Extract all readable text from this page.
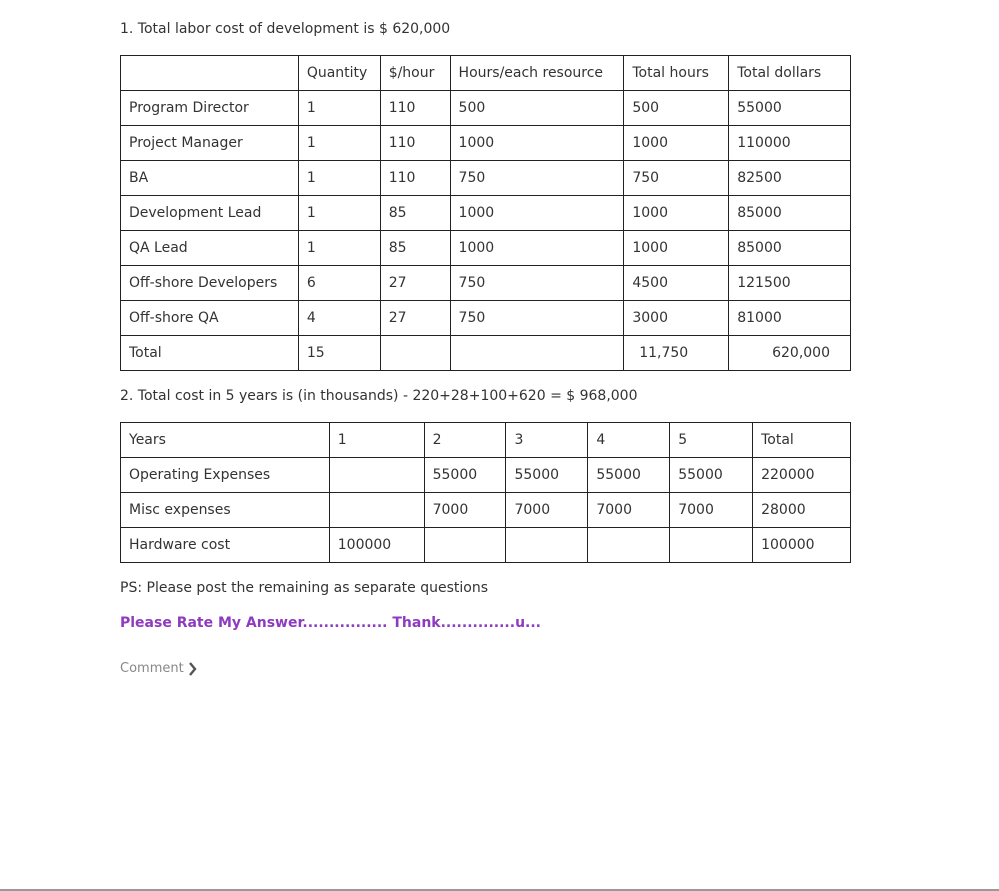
1. Total labor cost of development is $ 620,000

	Quantity	$/hour	Hours/each resource	Total hours	Total dollars
Program Director	1	110	500	500	55000
Project Manager	1	110	1000	1000	110000
BA	1	110	750	750	82500
Development Lead	1	85	1000	1000	85000
QA Lead	1	85	1000	1000	85000
Off-shore Developers	6	27	750	4500	121500
Off-shore QA	4	27	750	3000	81000
Total	15			11,750	620,000

2. Total cost in 5 years is (in thousands) - 220+28+100+620 = $ 968,000

Years	1	2	3	4	5	Total
Operating Expenses		55000	55000	55000	55000	220000
Misc expenses		7000	7000	7000	7000	28000
Hardware cost	100000					100000

PS: Please post the remaining as separate questions

Please Rate My Answer................ Thank..............u...

Comment
